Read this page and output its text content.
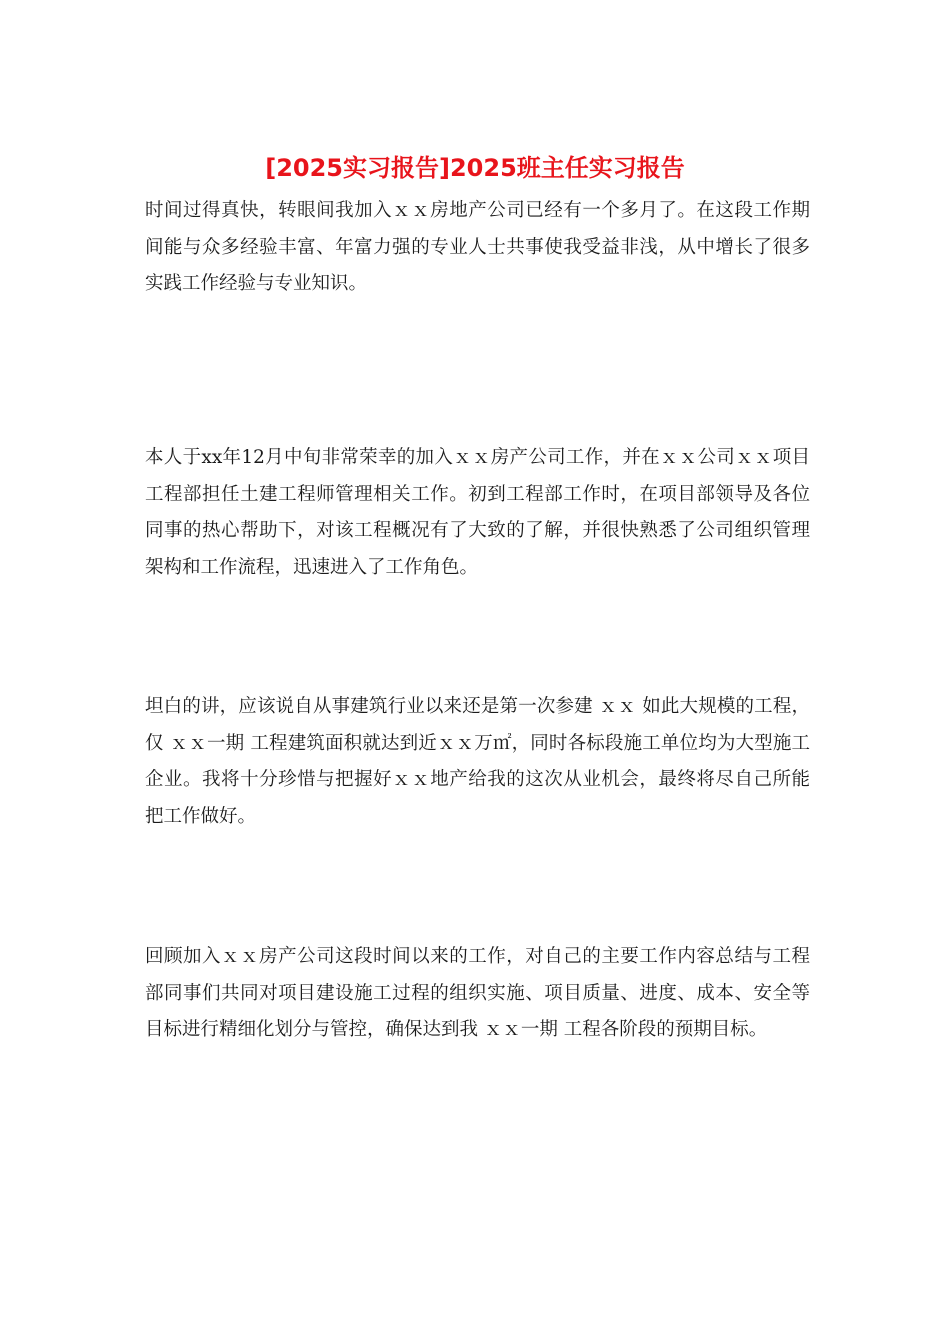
[2025实习报告]2025班主任实习报告

时间过得真快，转眼间我加入ｘｘ房地产公司已经有一个多月了。在这段工作期间能与众多经验丰富、年富力强的专业人士共事使我受益非浅，从中增长了很多实践工作经验与专业知识。

本人于xx年12月中旬非常荣幸的加入ｘｘ房产公司工作，并在ｘｘ公司ｘｘ项目工程部担任土建工程师管理相关工作。初到工程部工作时，在项目部领导及各位同事的热心帮助下，对该工程概况有了大致的了解，并很快熟悉了公司组织管理架构和工作流程，迅速进入了工作角色。

坦白的讲，应该说自从事建筑行业以来还是第一次参建 ｘｘ 如此大规模的工程，仅 ｘｘ一期 工程建筑面积就达到近ｘｘ万㎡，同时各标段施工单位均为大型施工企业。我将十分珍惜与把握好ｘｘ地产给我的这次从业机会，最终将尽自己所能把工作做好。

回顾加入ｘｘ房产公司这段时间以来的工作，对自己的主要工作内容总结与工程部同事们共同对项目建设施工过程的组织实施、项目质量、进度、成本、安全等目标进行精细化划分与管控，确保达到我 ｘｘ一期 工程各阶段的预期目标。
